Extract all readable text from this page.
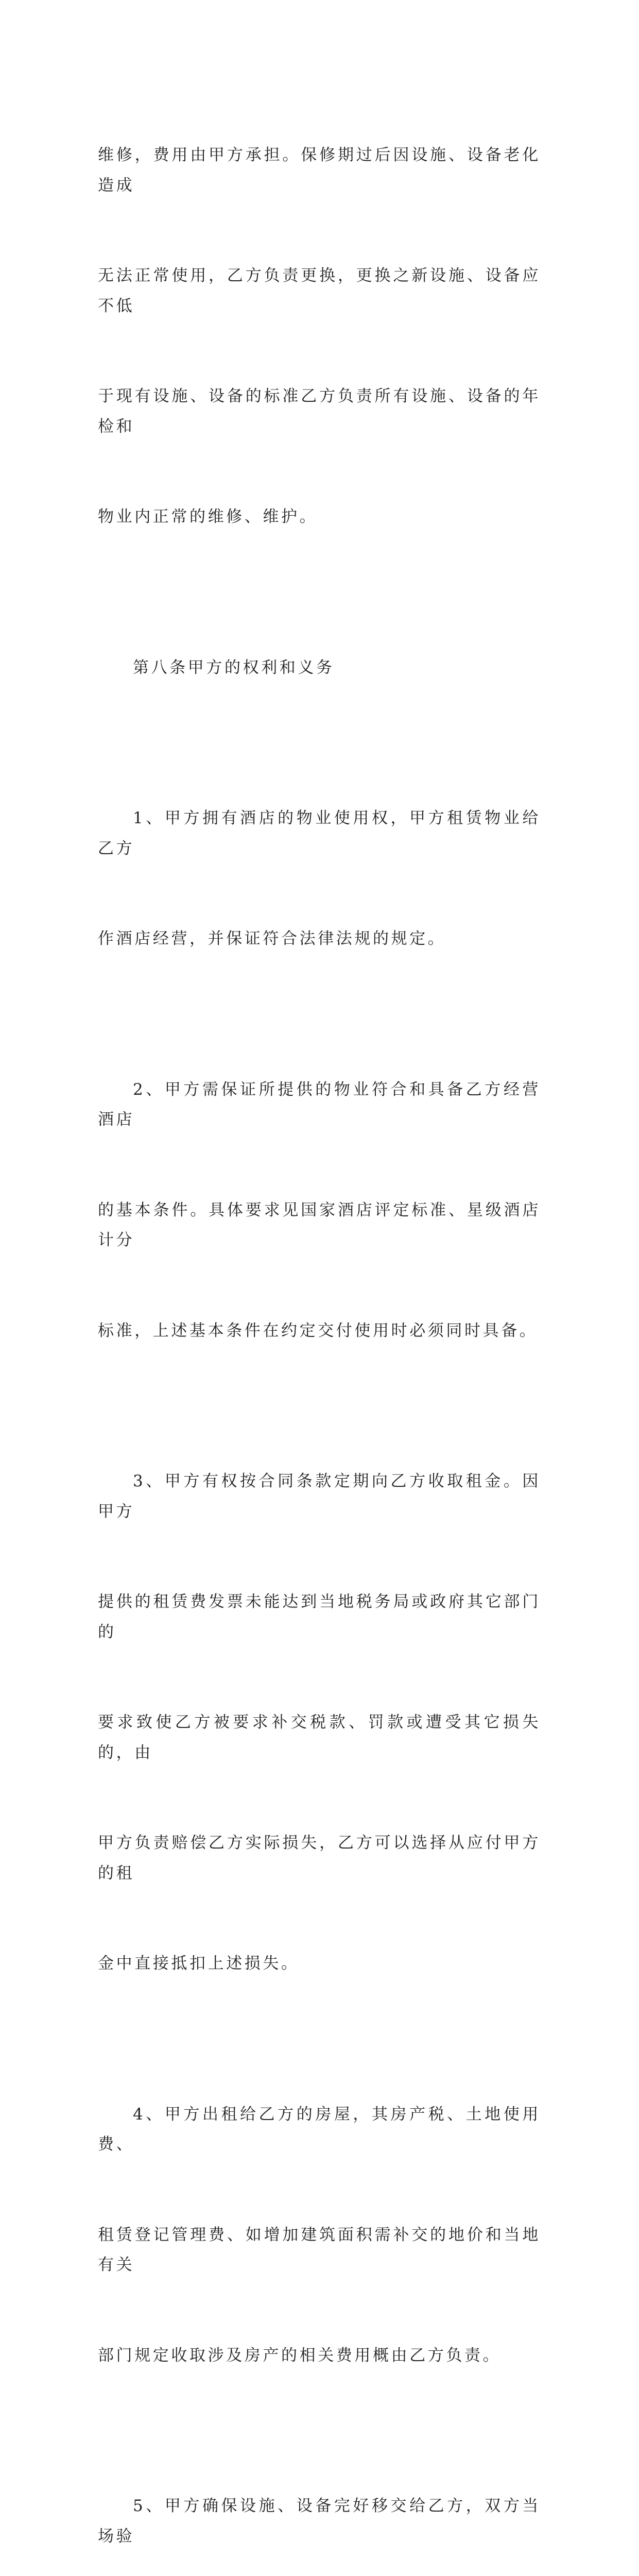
维修，费用由甲方承担。保修期过后因设施、设备老化造成

无法正常使用，乙方负责更换，更换之新设施、设备应不低

于现有设施、设备的标准乙方负责所有设施、设备的年检和

物业内正常的维修、维护。

第八条甲方的权利和义务

1、甲方拥有酒店的物业使用权，甲方租赁物业给乙方

作酒店经营，并保证符合法律法规的规定。

2、甲方需保证所提供的物业符合和具备乙方经营酒店

的基本条件。具体要求见国家酒店评定标准、星级酒店计分

标准，上述基本条件在约定交付使用时必须同时具备。

3、甲方有权按合同条款定期向乙方收取租金。因甲方

提供的租赁费发票未能达到当地税务局或政府其它部门的

要求致使乙方被要求补交税款、罚款或遭受其它损失的，由

甲方负责赔偿乙方实际损失，乙方可以选择从应付甲方的租

金中直接抵扣上述损失。

4、甲方出租给乙方的房屋，其房产税、土地使用费、

租赁登记管理费、如增加建筑面积需补交的地价和当地有关

部门规定收取涉及房产的相关费用概由乙方负责。

5、甲方确保设施、设备完好移交给乙方，双方当场验
